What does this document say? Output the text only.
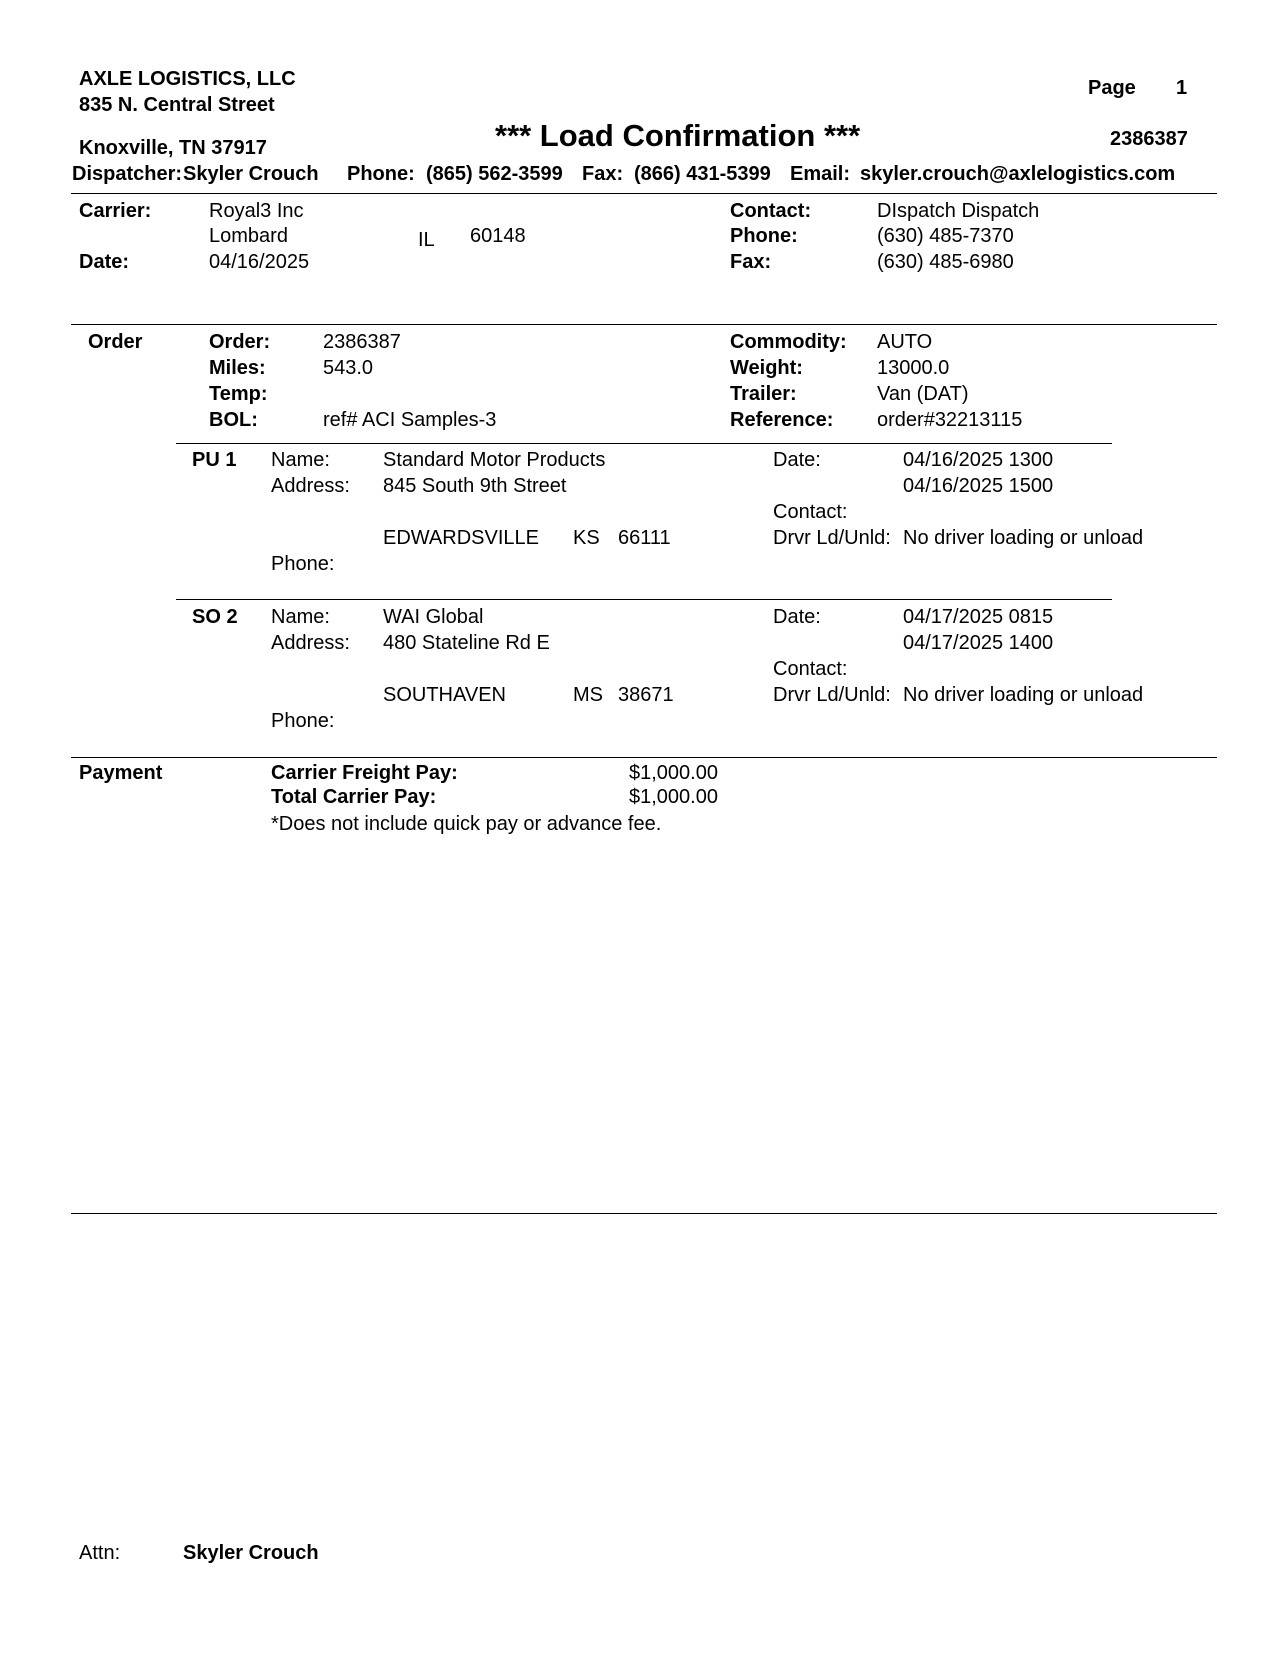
AXLE LOGISTICS, LLC
835 N. Central Street
Knoxville, TN 37917
Page 1
*** Load Confirmation ***	2386387
Dispatcher: Skyler Crouch Phone: (865) 562-3599 Fax: (866) 431-5399 Email: skyler.crouch@axlelogistics.com
Carrier:	Royal3 Inc
Lombard	IL 60148
Date:	04/16/2025
Contact:	DIspatch Dispatch
Phone:	(630) 485-7370
Fax:	(630) 485-6980
Order	Order:	2386387
Miles:	543.0
Temp:
BOL:	ref# ACI Samples-3
Commodity: AUTO
Weight:	13000.0
Trailer:	Van (DAT)
Reference: order#32213115
PU 1 Name:	Standard Motor Products
Address: 845 South 9th Street
EDWARDSVILLE KS 66111
Phone:
Date:	04/16/2025 1300
04/16/2025 1500
Contact:
Drvr Ld/Unld: No driver loading or unload
SO 2 Name:	WAI Global
Address: 480 Stateline Rd E
SOUTHAVEN	MS 38671
Phone:
Date:	04/17/2025 0815
04/17/2025 1400
Contact:
Drvr Ld/Unld: No driver loading or unload
Payment	Carrier Freight Pay:	$1,000.00
Total Carrier Pay:	$1,000.00
*Does not include quick pay or advance fee.
Attn:	Skyler Crouch
